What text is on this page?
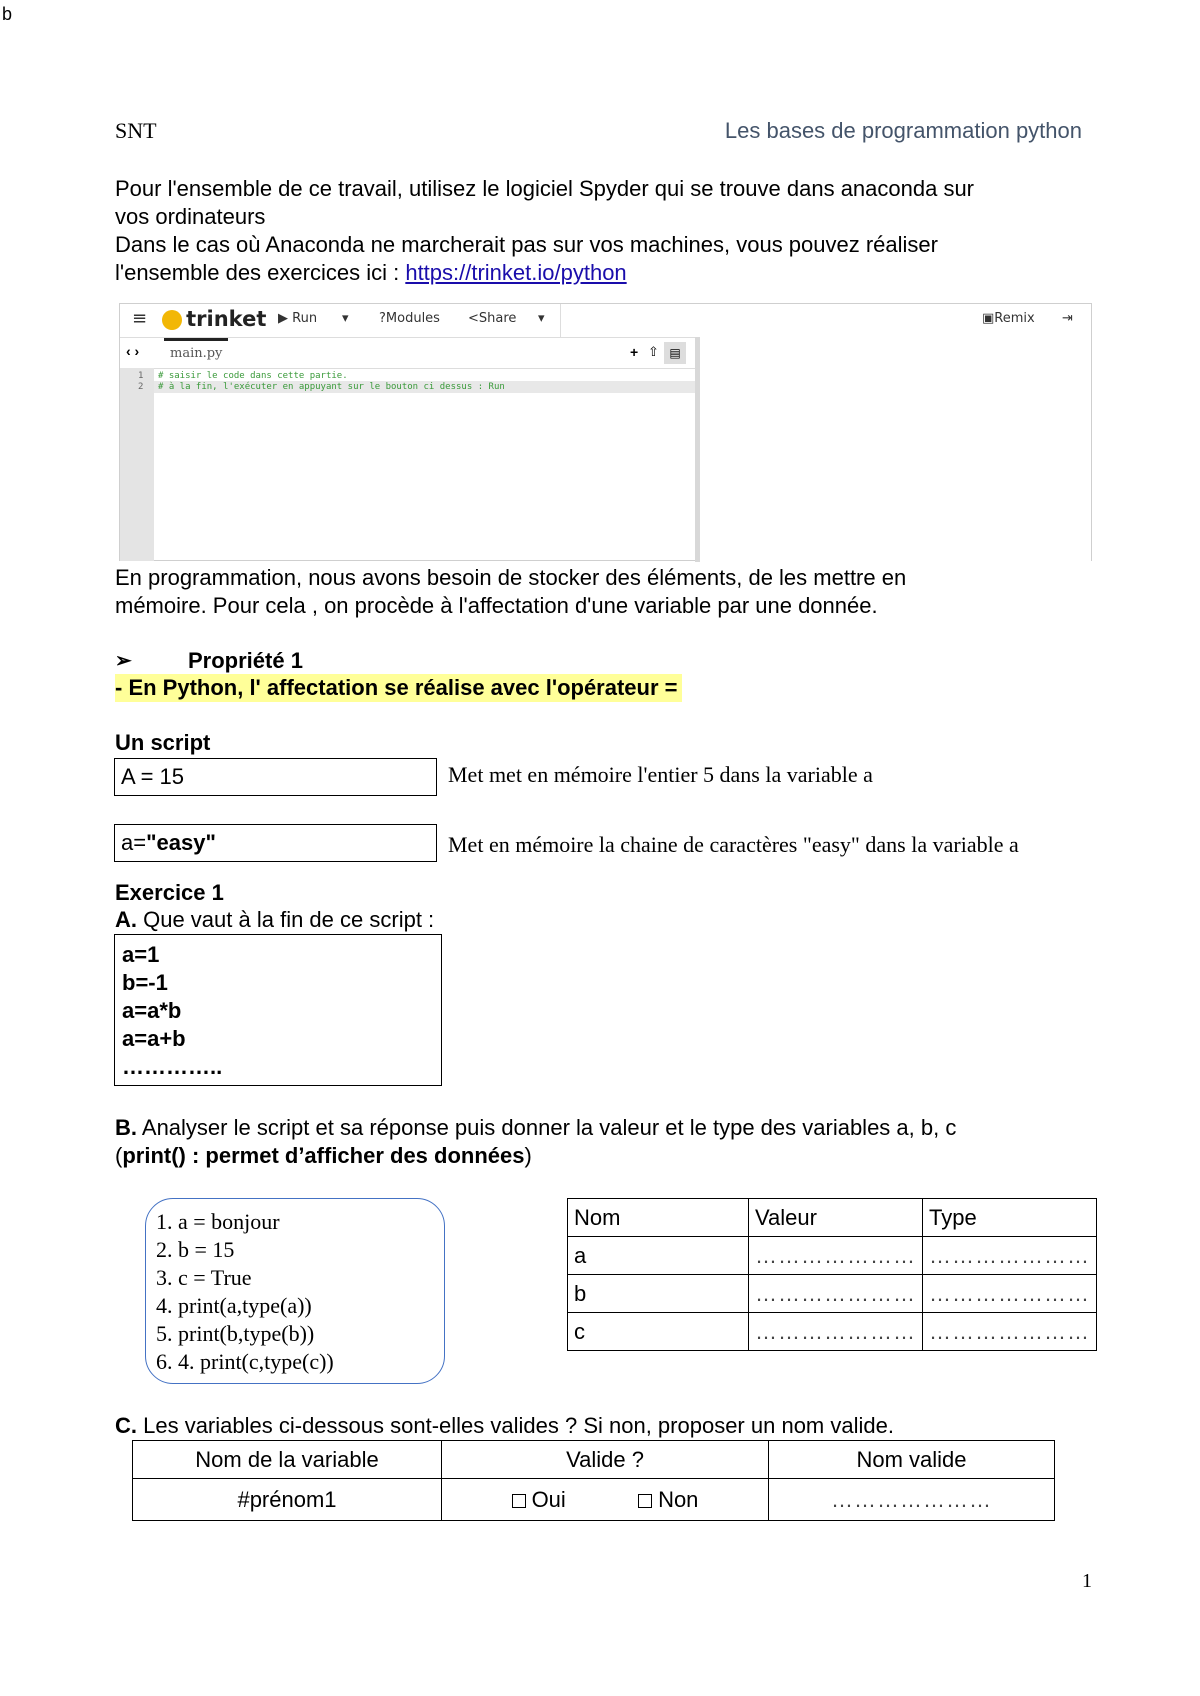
b
SNT	Les bases de programmation python
Pour l'ensemble de ce travail, utilisez le logiciel Spyder qui se trouve dans anaconda sur
vos ordinateurs
Dans le cas où Anaconda ne marcherait pas sur vos machines, vous pouvez réaliser
l'ensemble des exercices ici : https://trinket.io/python
≡	trinket ▶ Run ▾ ?Modules <Share ▾	▣Remix ⇥
‹ ›	main.py	+ ⇧ ▤
1
2
# saisir le code dans cette partie.
# à la fin, l'exécuter en appuyant sur le bouton ci dessus : Run
En programmation, nous avons besoin de stocker des éléments, de les mettre en
mémoire. Pour cela , on procède à l'affectation d'une variable par une donnée.
➢	Propriété 1
- En Python, l' affectation se réalise avec l'opérateur =
Un script
A = 15	Met met en mémoire l'entier 5 dans la variable a
a="easy"	Met en mémoire la chaine de caractères "easy" dans la variable a
Exercice 1
A. Que vaut à la fin de ce script :
a=1
b=-1
a=a*b
a=a+b
…………..
B. Analyser le script et sa réponse puis donner la valeur et le type des variables a, b, c
(print() : permet d’afficher des données)
1. a = bonjour
2. b = 15
3. c = True
4. print(a,type(a))
5. print(b,type(b))
6. 4. print(c,type(c))
Nom	Valeur	Type
a	…………………	…………………
b	…………………	…………………
c	…………………	…………………
C. Les variables ci-dessous sont-elles valides ? Si non, proposer un nom valide.
Nom de la variable	Valide ?	Nom valide
#prénom1	Oui Non	…………………
1
